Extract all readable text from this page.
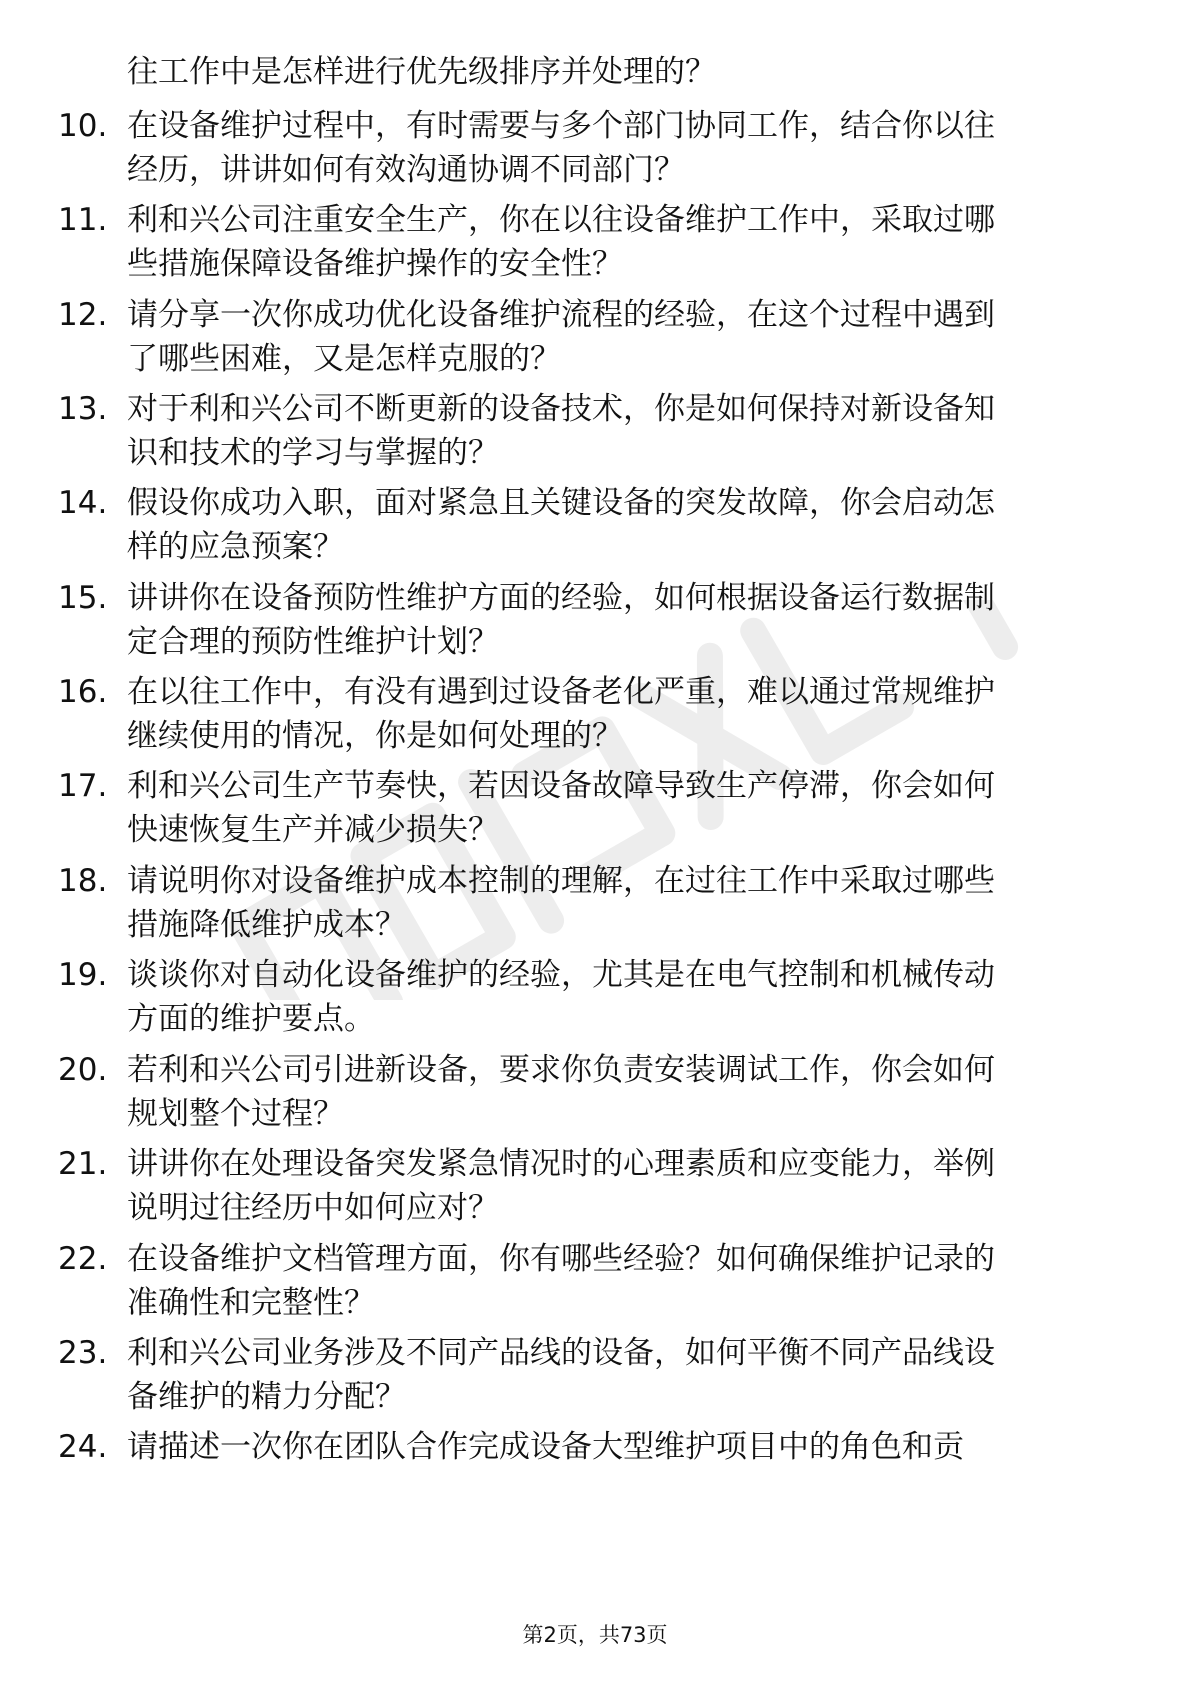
往工作中是怎样进行优先级排序并处理的？
10. 在设备维护过程中，有时需要与多个部门协同工作，结合你以往
经历，讲讲如何有效沟通协调不同部门？
11. 利和兴公司注重安全生产，你在以往设备维护工作中，采取过哪
些措施保障设备维护操作的安全性？
12. 请分享一次你成功优化设备维护流程的经验，在这个过程中遇到
了哪些困难，又是怎样克服的？
13. 对于利和兴公司不断更新的设备技术，你是如何保持对新设备知
识和技术的学习与掌握的？
14. 假设你成功入职，面对紧急且关键设备的突发故障，你会启动怎
样的应急预案？
15. 讲讲你在设备预防性维护方面的经验，如何根据设备运行数据制
定合理的预防性维护计划？
16. 在以往工作中，有没有遇到过设备老化严重，难以通过常规维护
继续使用的情况，你是如何处理的？
17. 利和兴公司生产节奏快，若因设备故障导致生产停滞，你会如何
快速恢复生产并减少损失？
18. 请说明你对设备维护成本控制的理解，在过往工作中采取过哪些
措施降低维护成本？
19. 谈谈你对自动化设备维护的经验，尤其是在电气控制和机械传动
方面的维护要点。
20. 若利和兴公司引进新设备，要求你负责安装调试工作，你会如何
规划整个过程？
21. 讲讲你在处理设备突发紧急情况时的心理素质和应变能力，举例
说明过往经历中如何应对？
22. 在设备维护文档管理方面，你有哪些经验？如何确保维护记录的
准确性和完整性？
23. 利和兴公司业务涉及不同产品线的设备，如何平衡不同产品线设
备维护的精力分配？
24. 请描述一次你在团队合作完成设备大型维护项目中的角色和贡
第2页，共73页
